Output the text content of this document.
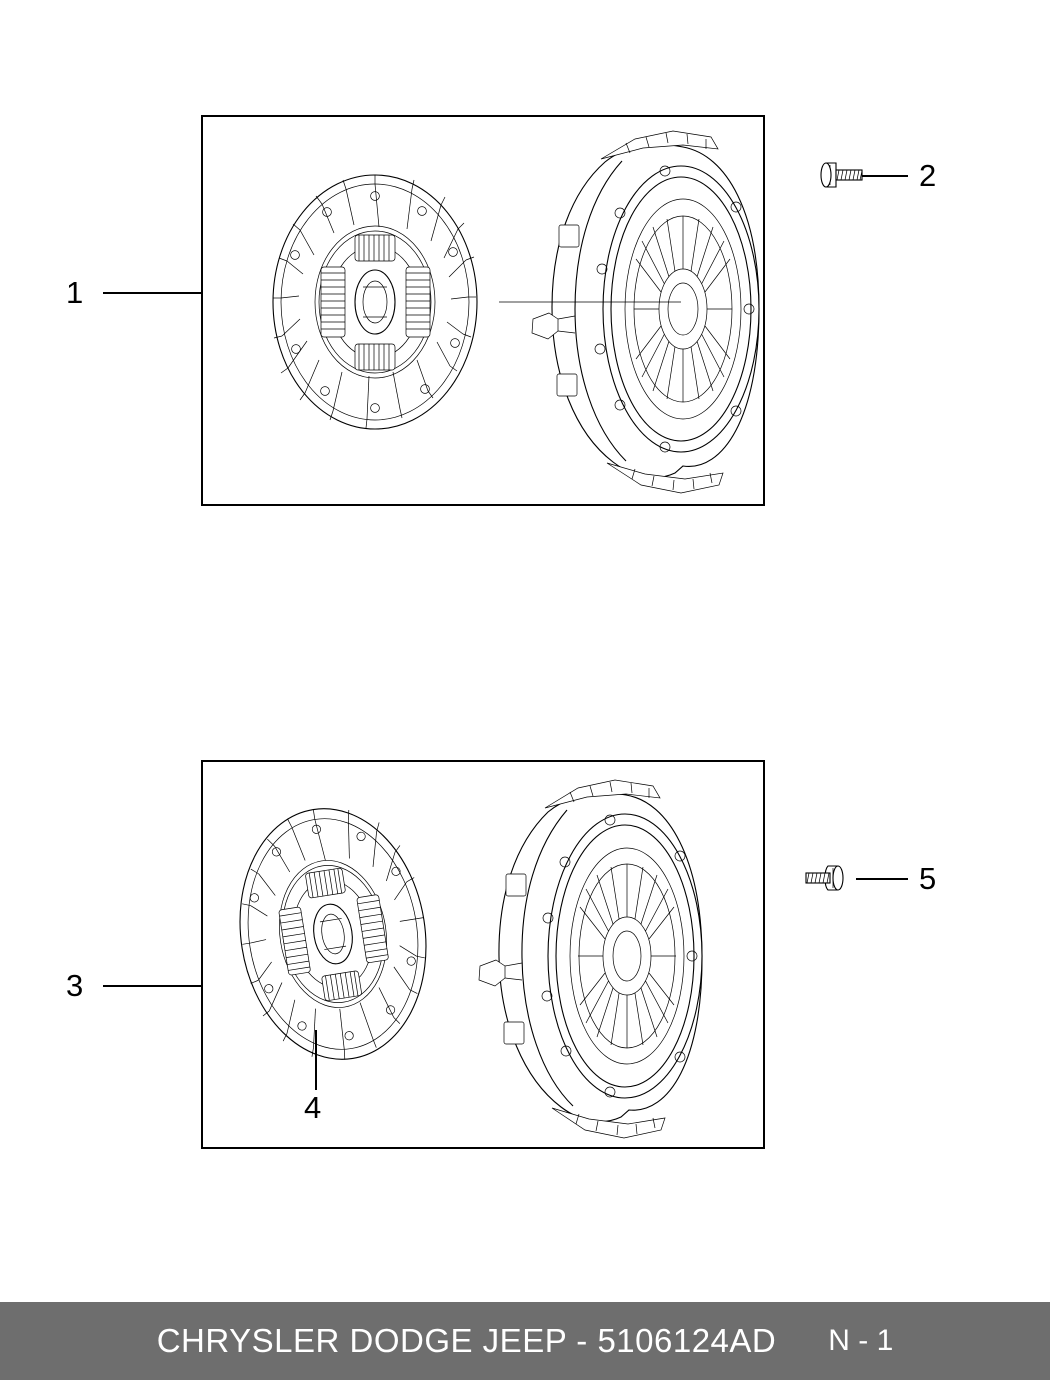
1
2
3
4
5
CHRYSLER DODGE JEEP - 5106124AD N - 1
